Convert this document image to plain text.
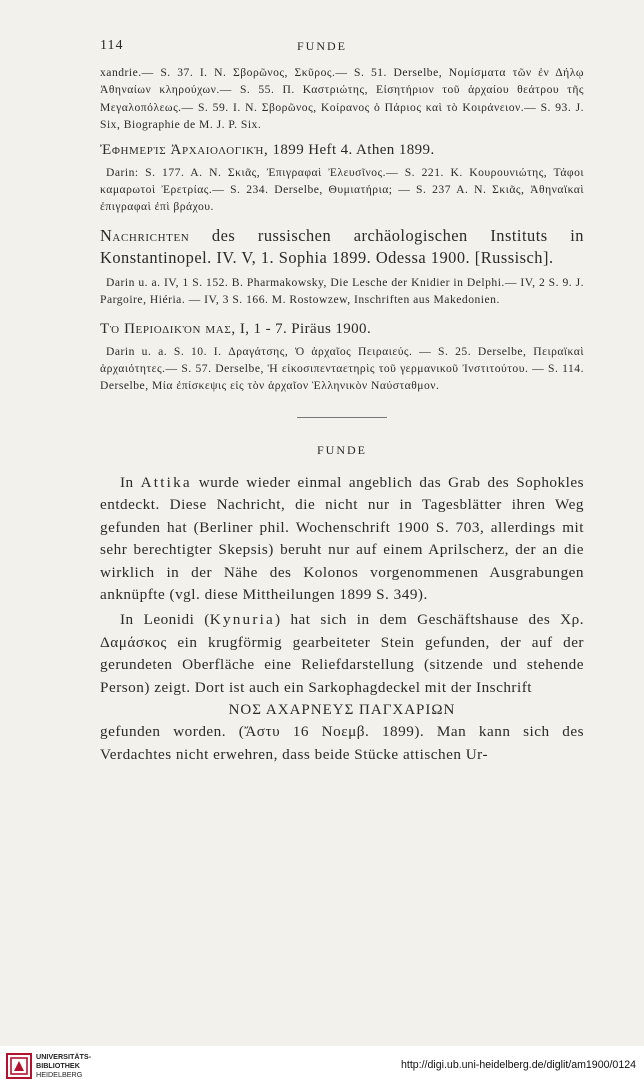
114	FUNDE

xandrie.— S. 37. I. N. Σβορῶνος, Σκῦρος.— S. 51. Derselbe, Νομίσματα τῶν ἐν Δήλῳ Ἀθηναίων κληρούχων.— S. 55. Π. Καστριώτης, Εἰσητήριον τοῦ ἀρχαίου θεάτρου τῆς Μεγαλοπόλεως.— S. 59. I. N. Σβορῶνος, Κοίρανος ὁ Πάριος καὶ τὸ Κοιράνειον.— S. 93. J. Six, Biographie de M. J. P. Six.

Ἐφημερὶς Ἀρχαιολογική, 1899 Heft 4. Athen 1899.

Darin: S. 177. A. N. Σκιᾶς, Ἐπιγραφαὶ Ἐλευσῖνος.— S. 221. K. Κουρουνιώτης, Τάφοι καμαρωτοὶ Ἐρετρίας.— S. 234. Derselbe, Θυμιατήρια; — S. 237 A. N. Σκιᾶς, Ἀθηναϊκαὶ ἐπιγραφαὶ ἐπὶ βράχου.

Nachrichten des russischen archäologischen Instituts in Konstantinopel. IV. V, 1. Sophia 1899. Odessa 1900. [Russisch].

Darin u. a. IV, 1 S. 152. B. Pharmakowsky, Die Lesche der Knidier in Delphi.— IV, 2 S. 9. J. Pargoire, Hiéria. — IV, 3 S. 166. M. Rostowzew, Inschriften aus Makedonien.

Τὸ Περιοδικὸν μας, I, 1 - 7. Piräus 1900.

Darin u. a. S. 10. I. Δραγάτσης, Ὁ ἀρχαῖος Πειραιεύς. — S. 25. Derselbe, Πειραϊκαὶ ἀρχαιότητες.— S. 57. Derselbe, Ἡ εἰκοσιπενταετηρὶς τοῦ γερμανικοῦ Ἰνστιτούτου. — S. 114. Derselbe, Μία ἐπίσκεψις εἰς τὸν ἀρχαῖον Ἑλληνικὸν Ναύσταθμον.

FUNDE

In Attika wurde wieder einmal angeblich das Grab des Sophokles entdeckt. Diese Nachricht, die nicht nur in Tagesblätter ihren Weg gefunden hat (Berliner phil. Wochenschrift 1900 S. 703, allerdings mit sehr berechtigter Skepsis) beruht nur auf einem Aprilscherz, der an die wirklich in der Nähe des Kolonos vorgenommenen Ausgrabungen anknüpfte (vgl. diese Mittheilungen 1899 S. 349).

In Leonidi (Kynuria) hat sich in dem Geschäftshause des Χρ. Δαμάσκος ein krugförmig gearbeiteter Stein gefunden, der auf der gerundeten Oberfläche eine Reliefdarstellung (sitzende und stehende Person) zeigt. Dort ist auch ein Sarkophagdeckel mit der Inschrift

ΝΟΣ ΑΧΑΡΝΕΥΣ ΠΑΓΧΑΡΙΩΝ

gefunden worden. (Ἄστυ 16 Νοεμβ. 1899). Man kann sich des Verdachtes nicht erwehren, dass beide Stücke attischen Ur-

UNIVERSITÄTS-
BIBLIOTHEK
HEIDELBERG
http://digi.ub.uni-heidelberg.de/diglit/am1900/0124
